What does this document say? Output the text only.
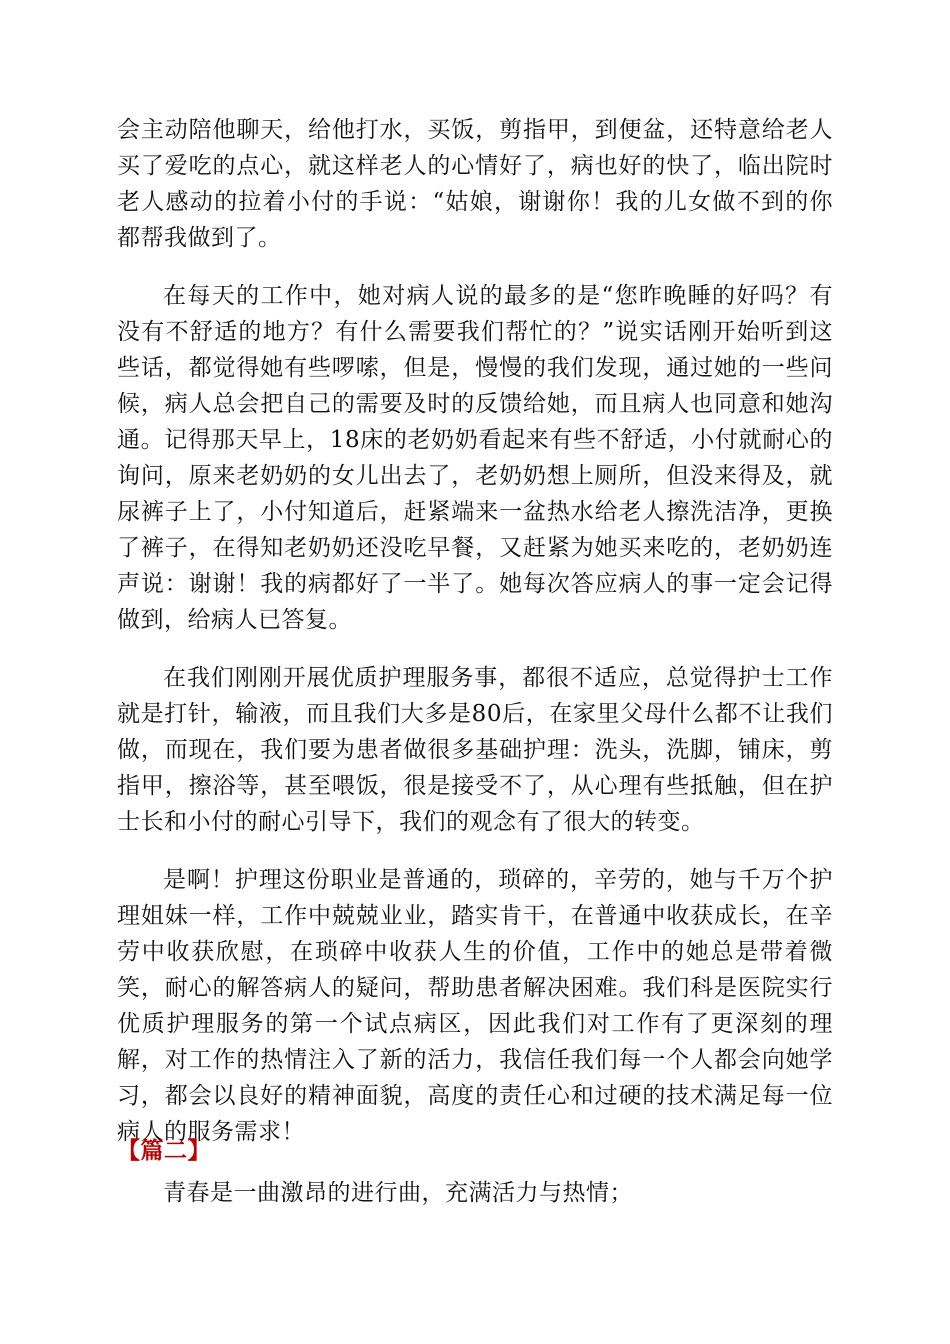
会主动陪他聊天，给他打水，买饭，剪指甲，到便盆，还特意给老人买了爱吃的点心，就这样老人的心情好了，病也好的快了，临出院时老人感动的拉着小付的手说：“姑娘，谢谢你！我的儿女做不到的你都帮我做到了。

在每天的工作中，她对病人说的最多的是“您昨晚睡的好吗？有没有不舒适的地方？有什么需要我们帮忙的？”说实话刚开始听到这些话，都觉得她有些啰嗦，但是，慢慢的我们发现，通过她的一些问候，病人总会把自己的需要及时的反馈给她，而且病人也同意和她沟通。记得那天早上，18床的老奶奶看起来有些不舒适，小付就耐心的询问，原来老奶奶的女儿出去了，老奶奶想上厕所，但没来得及，就尿裤子上了，小付知道后，赶紧端来一盆热水给老人擦洗洁净，更换了裤子，在得知老奶奶还没吃早餐，又赶紧为她买来吃的，老奶奶连声说：谢谢！我的病都好了一半了。她每次答应病人的事一定会记得做到，给病人已答复。

在我们刚刚开展优质护理服务事，都很不适应，总觉得护士工作就是打针，输液，而且我们大多是80后，在家里父母什么都不让我们做，而现在，我们要为患者做很多基础护理：洗头，洗脚，铺床，剪指甲，擦浴等，甚至喂饭，很是接受不了，从心理有些抵触，但在护士长和小付的耐心引导下，我们的观念有了很大的转变。

是啊！护理这份职业是普通的，琐碎的，辛劳的，她与千万个护理姐妹一样，工作中兢兢业业，踏实肯干，在普通中收获成长，在辛劳中收获欣慰，在琐碎中收获人生的价值，工作中的她总是带着微笑，耐心的解答病人的疑问，帮助患者解决困难。我们科是医院实行优质护理服务的第一个试点病区，因此我们对工作有了更深刻的理解，对工作的热情注入了新的活力，我信任我们每一个人都会向她学习，都会以良好的精神面貌，高度的责任心和过硬的技术满足每一位病人的服务需求！

【篇二】
青春是一曲激昂的进行曲，充满活力与热情；
